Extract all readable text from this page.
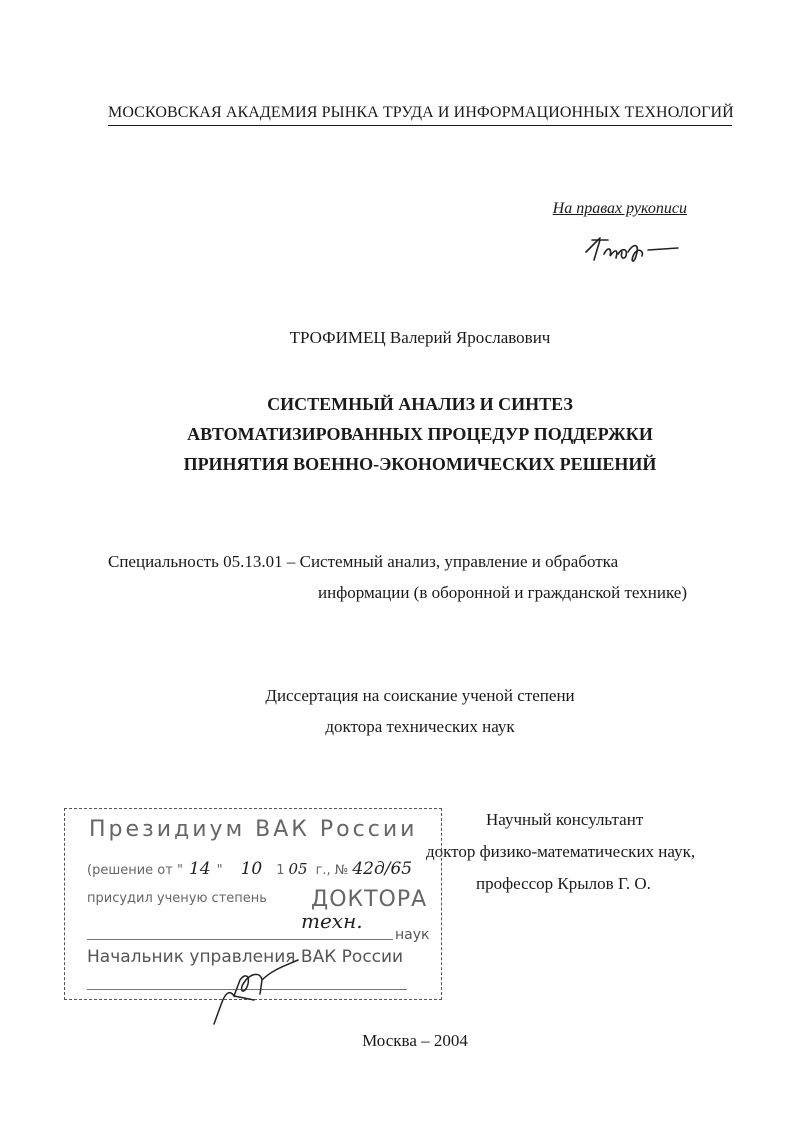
МОСКОВСКАЯ АКАДЕМИЯ РЫНКА ТРУДА И ИНФОРМАЦИОННЫХ ТЕХНОЛОГИЙ
На правах рукописи
ТРОФИМЕЦ Валерий Ярославович
СИСТЕМНЫЙ АНАЛИЗ И СИНТЕЗ
АВТОМАТИЗИРОВАННЫХ ПРОЦЕДУР ПОДДЕРЖКИ
ПРИНЯТИЯ ВОЕННО-ЭКОНОМИЧЕСКИХ РЕШЕНИЙ
Специальность 05.13.01 – Системный анализ, управление и обработка
информации (в оборонной и гражданской технике)
Диссертация на соискание ученой степени
доктора технических наук
Научный консультант
доктор физико-математических наук,
профессор Крылов Г. О.
Президиум ВАК России
(решение от " 14 " 10 1 05 г., № 42д/65
присудил ученую степень ДОКТОРА
техн.
наук
Начальник управления ВАК России
Москва – 2004
